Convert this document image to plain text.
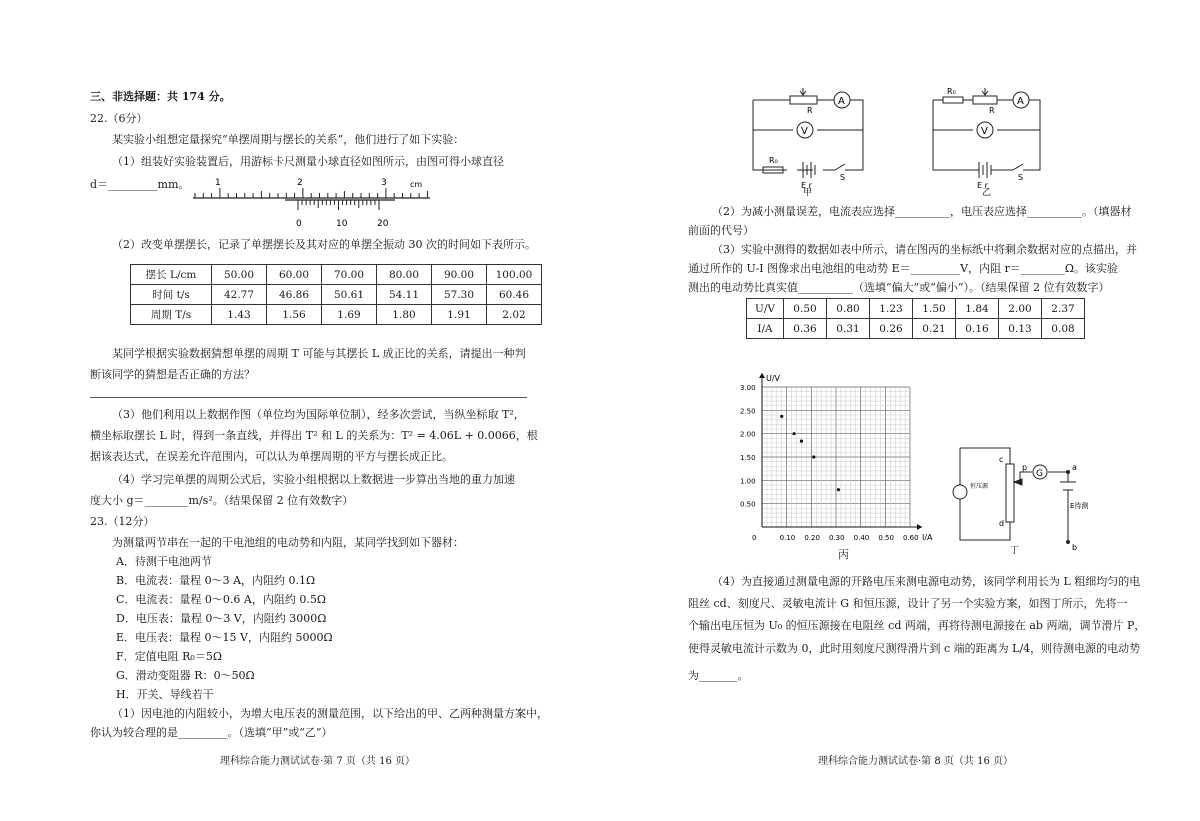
三、非选择题：共 174 分。
22.（6分）
某实验小组想定量探究“单摆周期与摆长的关系”，他们进行了如下实验：
（1）组装好实验装置后，用游标卡尺测量小球直径如图所示，由图可得小球直径
d＝_________mm。	1	2	3	cm
0	10	20
（2）改变单摆摆长，记录了单摆摆长及其对应的单摆全振动 30 次的时间如下表所示。
摆长 L/cm	50.00	60.00	70.00	80.00	90.00	100.00
时间 t/s	42.77	46.86	50.61	54.11	57.30	60.46
周期 T/s	1.43	1.56	1.69	1.80	1.91	2.02
某同学根据实验数据猜想单摆的周期 T 可能与其摆长 L 成正比的关系，请提出一种判
断该同学的猜想是否正确的方法？
（3）他们利用以上数据作图（单位均为国际单位制），经多次尝试，当纵坐标取 T²，
横坐标取摆长 L 时，得到一条直线，并得出 T² 和 L 的关系为：T² = 4.06L + 0.0066，根
据该表达式，在误差允许范围内，可以认为单摆周期的平方与摆长成正比。
（4）学习完单摆的周期公式后，实验小组根据以上数据进一步算出当地的重力加速
度大小 g＝________m/s²。（结果保留 2 位有效数字）
23.（12分）
为测量两节串在一起的干电池组的电动势和内阻，某同学找到如下器材：
A．待测干电池两节
B．电流表：量程 0～3 A，内阻约 0.1Ω
C．电流表：量程 0～0.6 A，内阻约 0.5Ω
D．电压表：量程 0～3 V，内阻约 3000Ω
E．电压表：量程 0～15 V，内阻约 5000Ω
F．定值电阻 R₀＝5Ω
G．滑动变阻器 R：0～50Ω
H．开关、导线若干
（1）因电池的内阻较小，为增大电压表的测量范围，以下给出的甲、乙两种测量方案中，
你认为较合理的是_________。（选填“甲”或“乙”）
理科综合能力测试试卷·第 7 页（共 16 页）
A
V
R₀
R
E r
S
甲
A
V
R₀
R
E r
S
乙
（2）为减小测量误差，电流表应选择__________，电压表应选择__________。（填器材
前面的代号）
（3）实验中测得的数据如表中所示，请在图丙的坐标纸中将剩余数据对应的点描出，并
通过所作的 U-I 图像求出电池组的电动势 E＝_________V，内阻 r＝________Ω。该实验
测出的电动势比真实值__________（选填“偏大”或“偏小”）。（结果保留 2 位有效数字）
U/V	0.50	0.80	1.23	1.50	1.84	2.00	2.37
I/A	0.36	0.31	0.26	0.21	0.16	0.13	0.08
U/V
I/A
0	0.10 0.20 0.30 0.40 0.50 0.60
0.50
1.00
1.50
2.00
2.50
3.00
丙
G
恒压源
c
d
p	a
b
E待测
丁
（4）为直接通过测量电源的开路电压来测电源电动势，该同学利用长为 L 粗细均匀的电
阻丝 cd、刻度尺、灵敏电流计 G 和恒压源，设计了另一个实验方案，如图丁所示，先将一
个输出电压恒为 U₀ 的恒压源接在电阻丝 cd 两端，再将待测电源接在 ab 两端，调节滑片 P，
使得灵敏电流计示数为 0，此时用刻度尺测得滑片到 c 端的距离为 L/4，则待测电源的电动势
为_______。
理科综合能力测试试卷·第 8 页（共 16 页）
